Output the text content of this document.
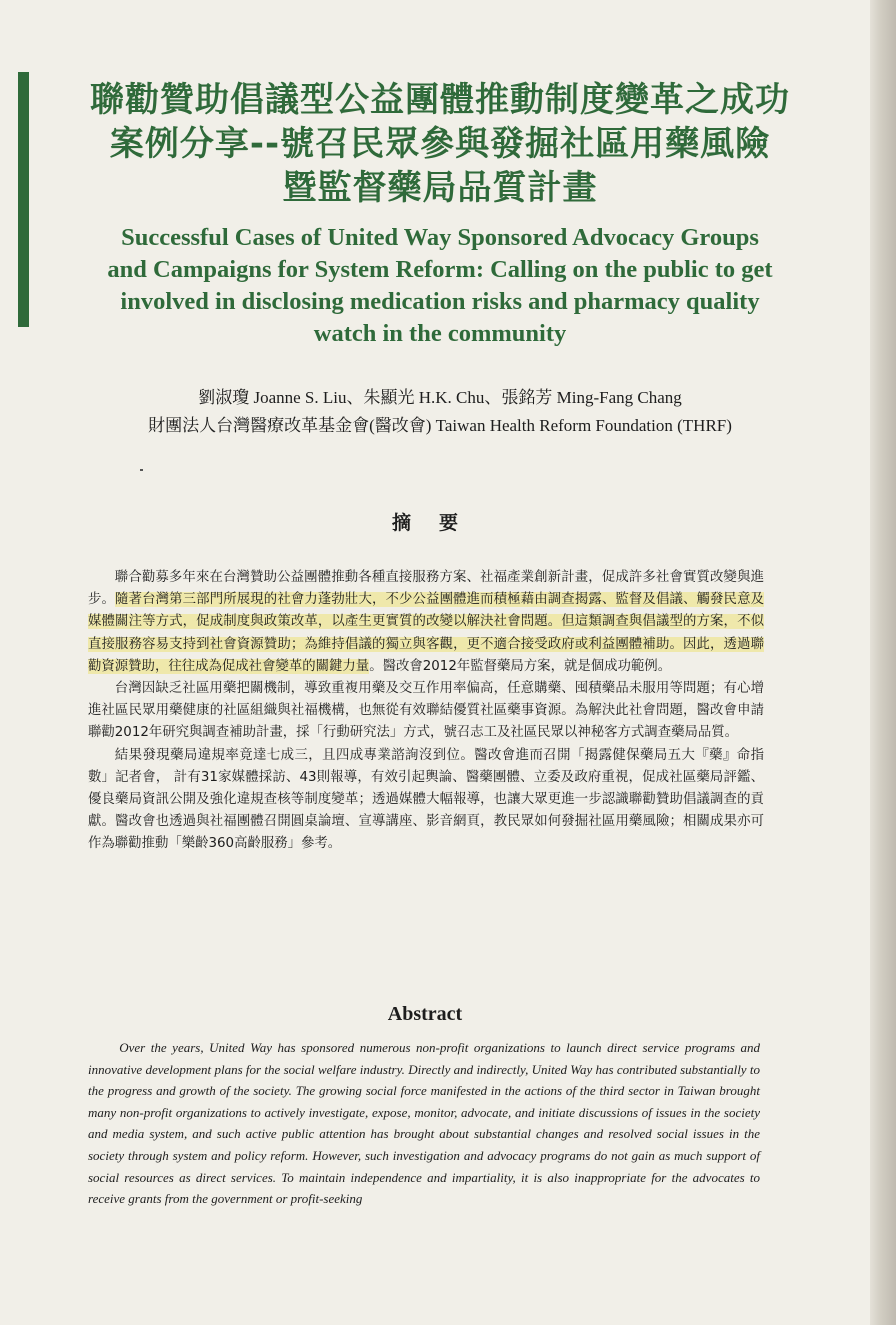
聯勸贊助倡議型公益團體推動制度變革之成功
案例分享--號召民眾參與發掘社區用藥風險
暨監督藥局品質計畫
Successful Cases of United Way Sponsored Advocacy Groups
and Campaigns for System Reform: Calling on the public to get
involved in disclosing medication risks and pharmacy quality
watch in the community
劉淑瓊 Joanne S. Liu、朱顯光 H.K. Chu、張銘芳 Ming-Fang Chang
財團法人台灣醫療改革基金會(醫改會) Taiwan Health Reform Foundation (THRF)
摘要

聯合勸募多年來在台灣贊助公益團體推動各種直接服務方案、社福產業創新計畫，促成許多社會實質改變與進步。隨著台灣第三部門所展現的社會力蓬勃壯大，不少公益團體進而積極藉由調查揭露、監督及倡議、觸發民意及媒體關注等方式，促成制度與政策改革，以產生更實質的改變以解決社會問題。但這類調查與倡議型的方案，不似直接服務容易支持到社會資源贊助；為維持倡議的獨立與客觀，更不適合接受政府或利益團體補助。因此，透過聯勸資源贊助，往往成為促成社會變革的關鍵力量。醫改會2012年監督藥局方案，就是個成功範例。

台灣因缺乏社區用藥把關機制，導致重複用藥及交互作用率偏高，任意購藥、囤積藥品未服用等問題；有心增進社區民眾用藥健康的社區組織與社福機構，也無從有效聯結優質社區藥事資源。為解決此社會問題，醫改會申請聯勸2012年研究與調查補助計畫，採「行動研究法」方式，號召志工及社區民眾以神秘客方式調查藥局品質。

結果發現藥局違規率竟達七成三，且四成專業諮詢沒到位。醫改會進而召開「揭露健保藥局五大『藥』命指數」記者會， 計有31家媒體採訪、43則報導，有效引起輿論、醫藥團體、立委及政府重視，促成社區藥局評鑑、優良藥局資訊公開及強化違規查核等制度變革；透過媒體大幅報導，也讓大眾更進一步認識聯勸贊助倡議調查的貢獻。醫改會也透過與社福團體召開圓桌論壇、宣導講座、影音網頁，教民眾如何發掘社區用藥風險；相關成果亦可作為聯勸推動「樂齡360高齡服務」參考。

Abstract

Over the years, United Way has sponsored numerous non-profit organizations to launch direct service programs and innovative development plans for the social welfare industry. Directly and indirectly, United Way has contributed substantially to the progress and growth of the society. The growing social force manifested in the actions of the third sector in Taiwan brought many non-profit organizations to actively investigate, expose, monitor, advocate, and initiate discussions of issues in the society and media system, and such active public attention has brought about substantial changes and resolved social issues in the society through system and policy reform. However, such investigation and advocacy programs do not gain as much support of social resources as direct services. To maintain independence and impartiality, it is also inappropriate for the advocates to receive grants from the government or profit-seeking
